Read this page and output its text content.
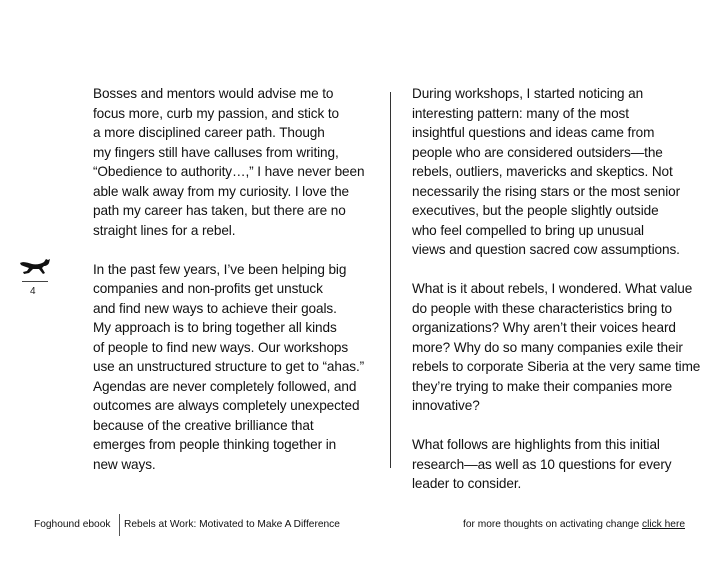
Bosses and mentors would advise me to
focus more, curb my passion, and stick to
a more disciplined career path. Though
my fingers still have calluses from writing,
“Obedience to authority…,” I have never been
able walk away from my curiosity. I love the
path my career has taken, but there are no
straight lines for a rebel.
In the past few years, I’ve been helping big
companies and non-profits get unstuck
and find new ways to achieve their goals.
My approach is to bring together all kinds
of people to find new ways. Our workshops
use an unstructured structure to get to “ahas.”
Agendas are never completely followed, and
outcomes are always completely unexpected
because of the creative brilliance that
emerges from people thinking together in
new ways.
During workshops, I started noticing an
interesting pattern: many of the most
insightful questions and ideas came from
people who are considered outsiders—the
rebels, outliers, mavericks and skeptics. Not
necessarily the rising stars or the most senior
executives, but the people slightly outside
who feel compelled to bring up unusual
views and question sacred cow assumptions.
What is it about rebels, I wondered. What value
do people with these characteristics bring to
organizations? Why aren’t their voices heard
more? Why do so many companies exile their
rebels to corporate Siberia at the very same time
they’re trying to make their companies more
innovative?
What follows are highlights from this initial
research—as well as 10 questions for every
leader to consider.
4
Foghound ebook Rebels at Work: Motivated to Make A Difference	for more thoughts on activating change click here
